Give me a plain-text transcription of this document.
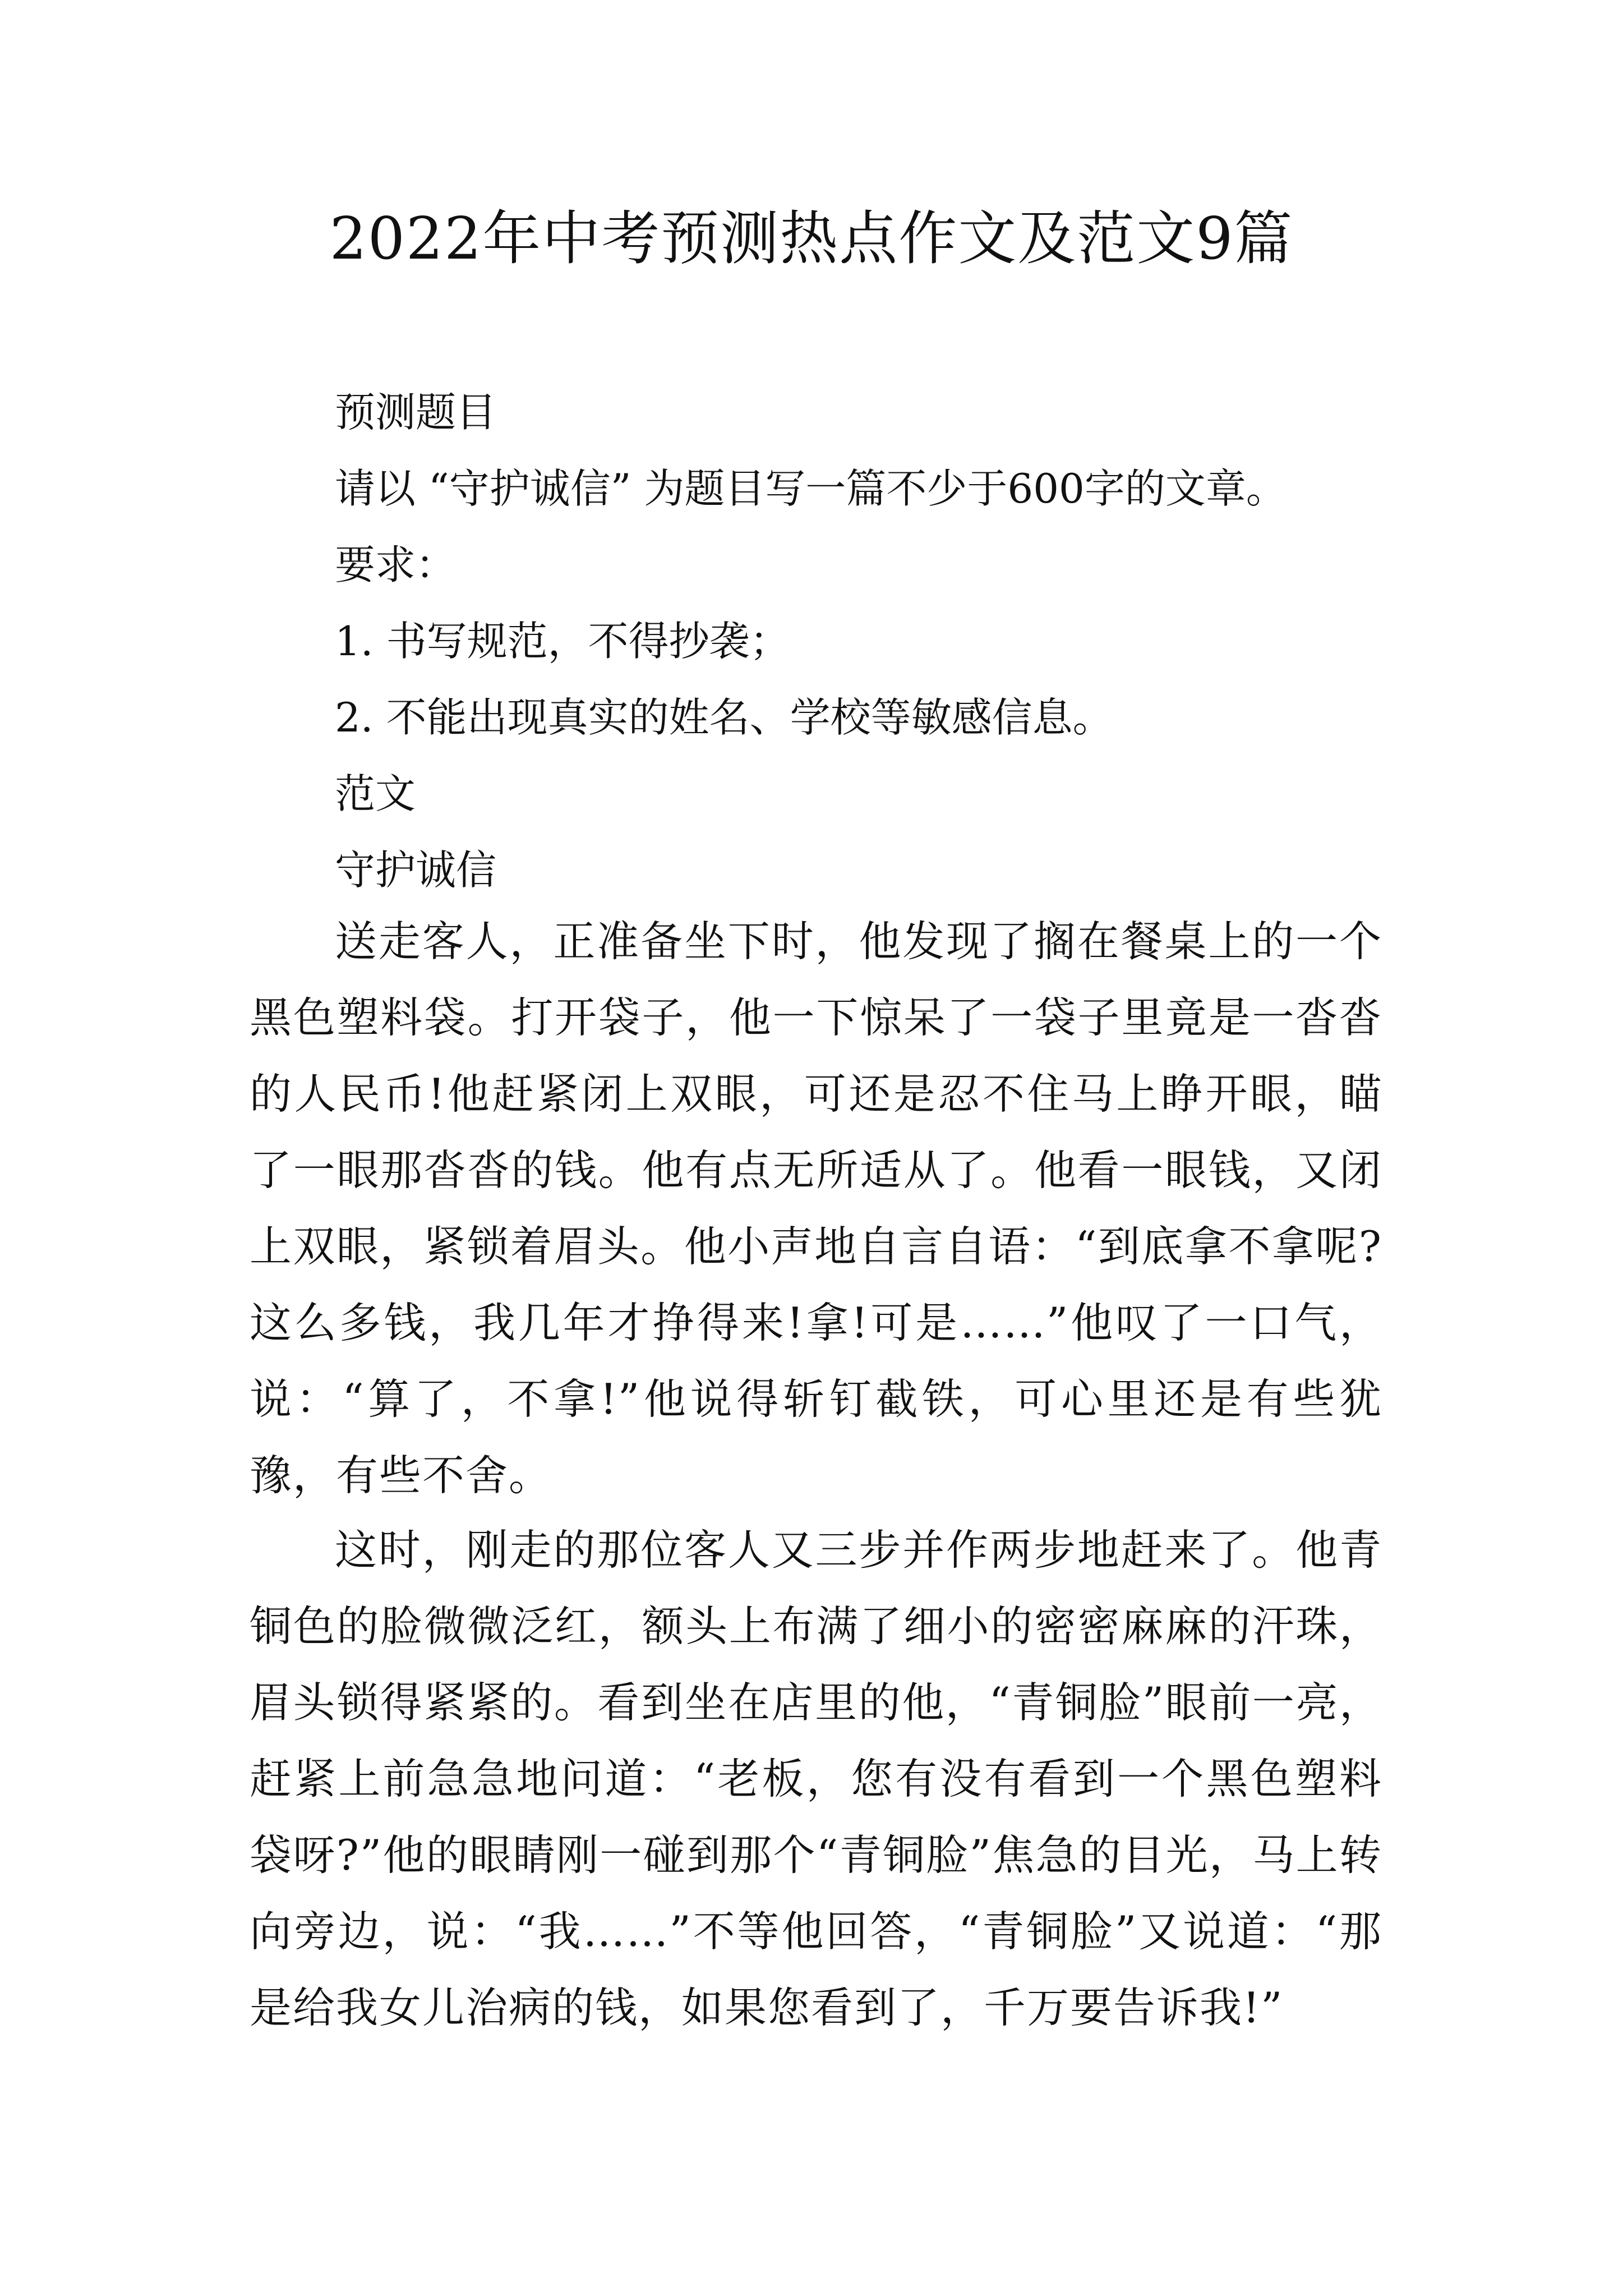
2022年中考预测热点作文及范文9篇

预测题目

请以 “守护诚信” 为题目写一篇不少于600字的文章。

要求：

1. 书写规范，不得抄袭；

2. 不能出现真实的姓名、学校等敏感信息。

范文

守护诚信

送走客人，正准备坐下时，他发现了搁在餐桌上的一个黑色塑料袋。打开袋子，他一下惊呆了一袋子里竟是一沓沓的人民币!他赶紧闭上双眼，可还是忍不住马上睁开眼，瞄了一眼那沓沓的钱。他有点无所适从了。他看一眼钱，又闭上双眼，紧锁着眉头。他小声地自言自语：“到底拿不拿呢?这么多钱，我几年才挣得来!拿!可是……”他叹了一口气，说：“算了，不拿!”他说得斩钉截铁，可心里还是有些犹豫，有些不舍。

这时，刚走的那位客人又三步并作两步地赶来了。他青铜色的脸微微泛红，额头上布满了细小的密密麻麻的汗珠，眉头锁得紧紧的。看到坐在店里的他，“青铜脸”眼前一亮，赶紧上前急急地问道：“老板，您有没有看到一个黑色塑料袋呀?”他的眼睛刚一碰到那个“青铜脸”焦急的目光，马上转向旁边，说：“我……”不等他回答，“青铜脸”又说道：“那是给我女儿治病的钱，如果您看到了，千万要告诉我!”
